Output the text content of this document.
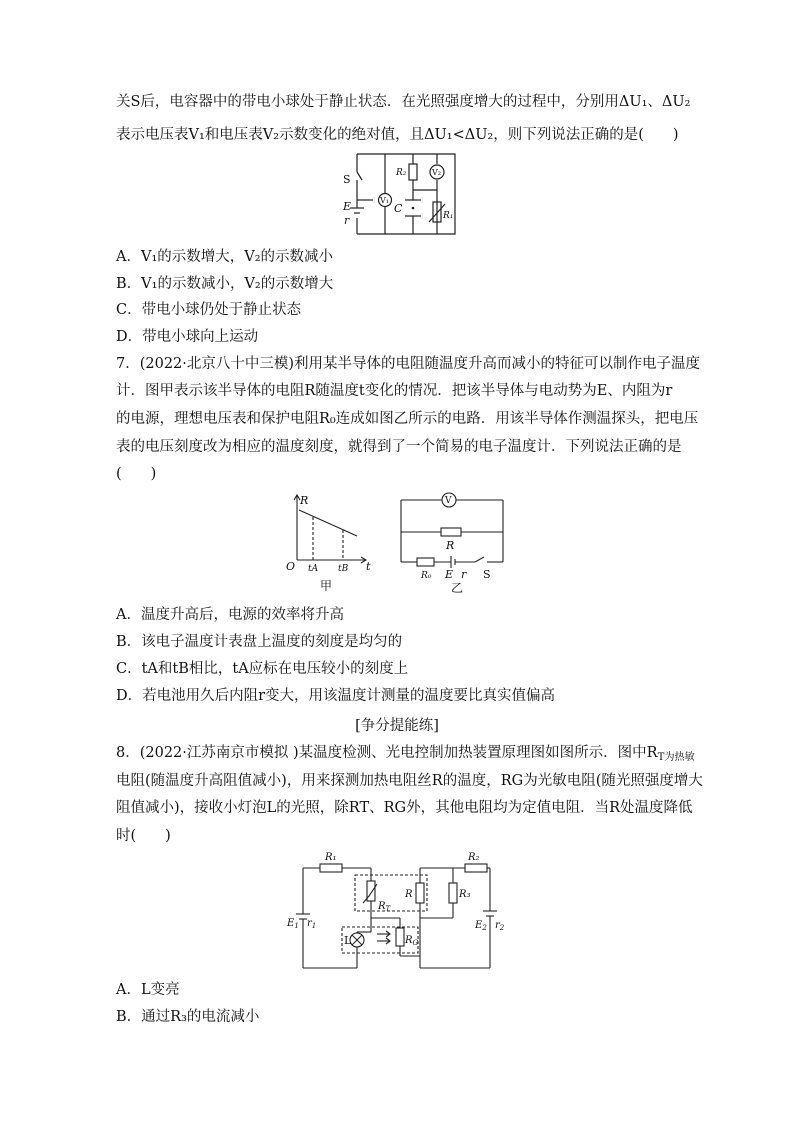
关S后，电容器中的带电小球处于静止状态．在光照强度增大的过程中，分别用ΔU₁、ΔU₂
表示电压表V₁和电压表V₂示数变化的绝对值，且ΔU₁<ΔU₂，则下列说法正确的是(　　)
S
E
r
V₁
V₂
R₂
C
R₁
A．V₁的示数增大，V₂的示数减小
B．V₁的示数减小，V₂的示数增大
C．带电小球仍处于静止状态
D．带电小球向上运动
7．(2022·北京八十中三模)利用某半导体的电阻随温度升高而减小的特征可以制作电子温度
计．图甲表示该半导体的电阻R随温度t变化的情况．把该半导体与电动势为E、内阻为r
的电源，理想电压表和保护电阻R₀连成如图乙所示的电路．用该半导体作测温探头，把电压
表的电压刻度改为相应的温度刻度，就得到了一个简易的电子温度计．下列说法正确的是
(　　)
R
O tA tB t
甲
V
R
R₀ E r S
乙
A．温度升高后，电源的效率将升高
B．该电子温度计表盘上温度的刻度是均匀的
C．tA和tB相比，tA应标在电压较小的刻度上
D．若电池用久后内阻r变大，用该温度计测量的温度要比真实值偏高
[争分提能练]
8．(2022·江苏南京市模拟 )某温度检测、光电控制加热装置原理图如图所示．图中$R_{T为热敏}$
电阻(随温度升高阻值减小)，用来探测加热电阻丝R的温度，RG为光敏电阻(随光照强度增大
阻值减小)，接收小灯泡L的光照，除RT、RG外，其他电阻均为定值电阻．当R处温度降低
时(　　)
R₁	R₂
R₃
$R_T$
R
$R_G$
L
$E_1$ $r_1$	$E_2$ $r_2$
A．L变亮
B．通过R₃的电流减小
